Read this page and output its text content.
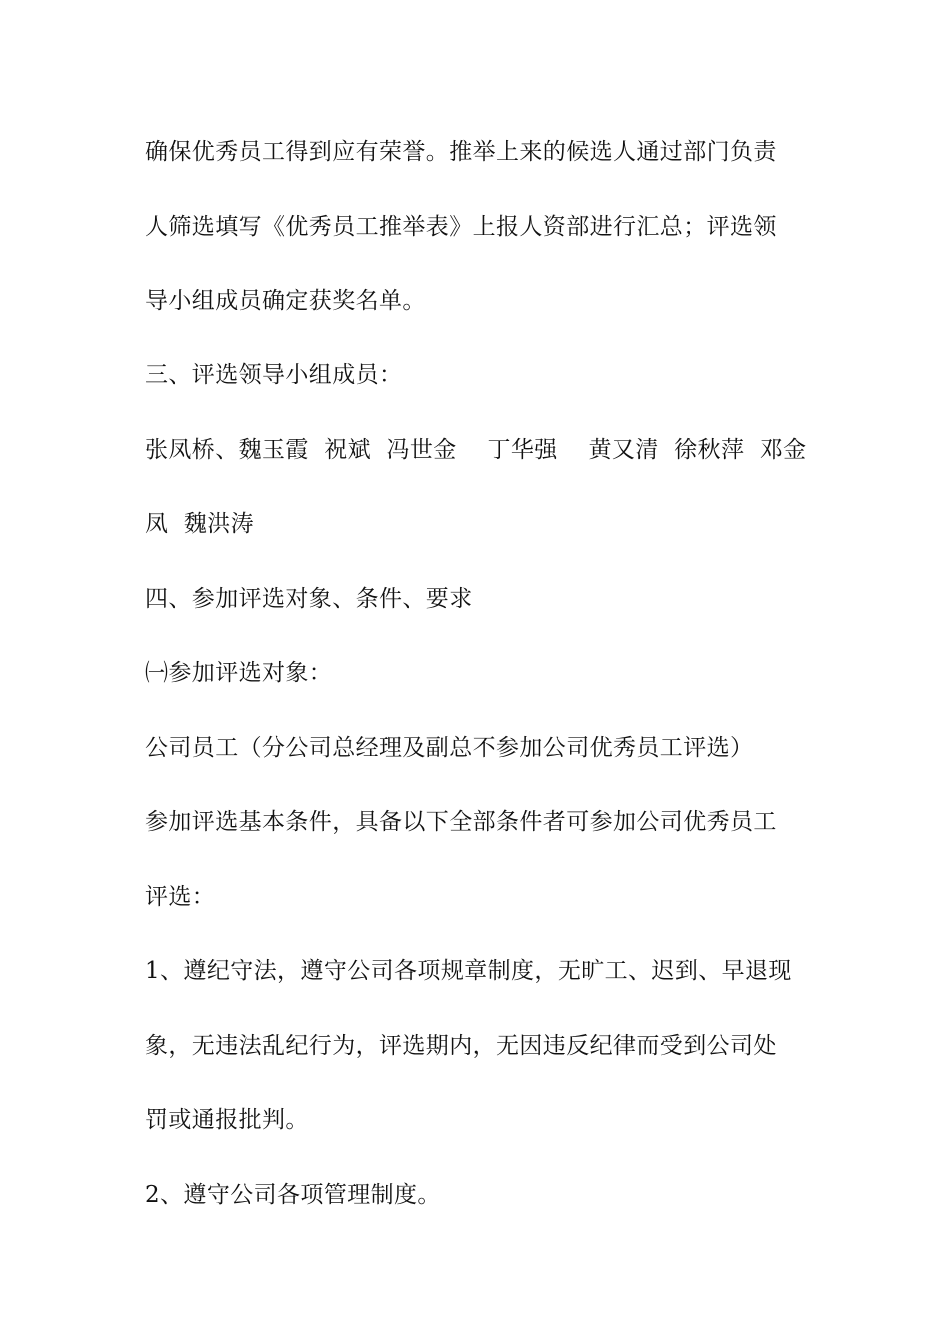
确保优秀员工得到应有荣誉。推举上来的候选人通过部门负责
人筛选填写《优秀员工推举表》上报人资部进行汇总；评选领
导小组成员确定获奖名单。
三、评选领导小组成员：
张凤桥、魏玉霞  祝斌  冯世金    丁华强    黄又清  徐秋萍  邓金
凤  魏洪涛
四、参加评选对象、条件、要求
㈠参加评选对象：
公司员工（分公司总经理及副总不参加公司优秀员工评选）
参加评选基本条件，具备以下全部条件者可参加公司优秀员工
评选：
1、遵纪守法，遵守公司各项规章制度，无旷工、迟到、早退现
象，无违法乱纪行为，评选期内，无因违反纪律而受到公司处
罚或通报批判。
2、遵守公司各项管理制度。
